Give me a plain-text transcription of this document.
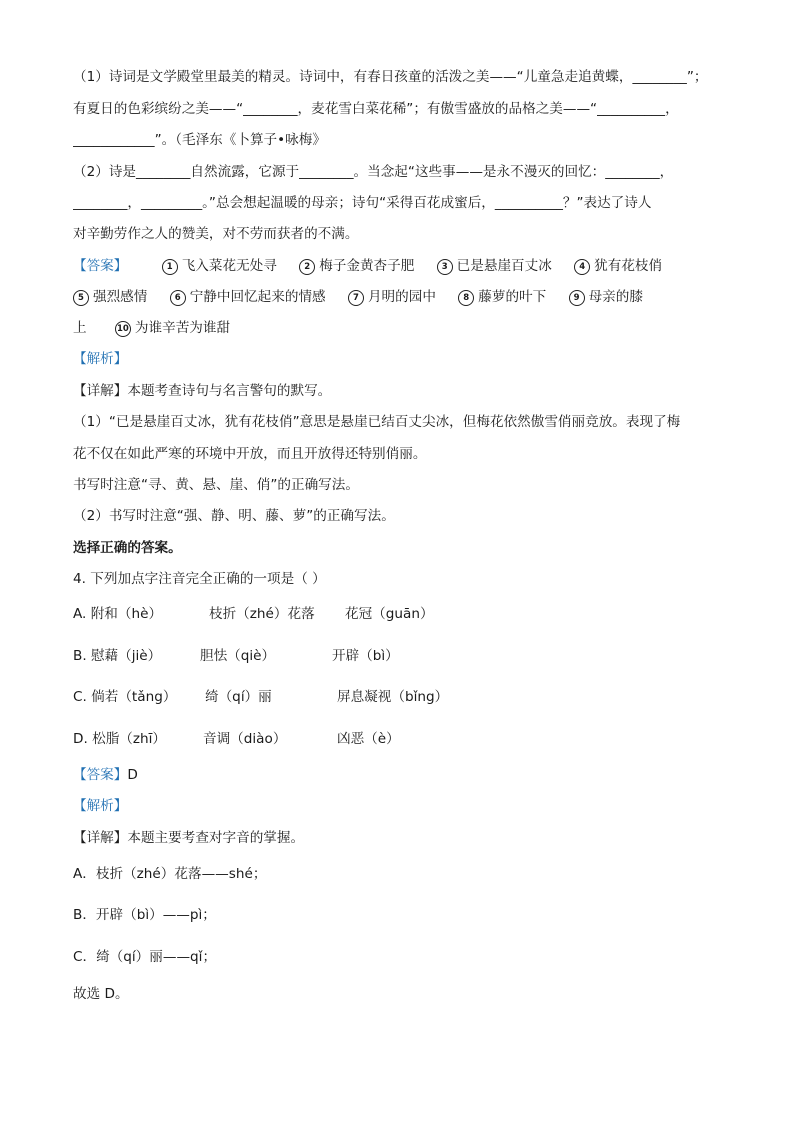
（1）诗词是文学殿堂里最美的精灵。诗词中，有春日孩童的活泼之美——“儿童急走追黄蝶，________”；
有夏日的色彩缤纷之美——“________，麦花雪白菜花稀”；有傲雪盛放的品格之美——“__________，
____________”。（毛泽东《卜算子•咏梅》
（2）诗是________自然流露，它源于________。当念起“这些事——是永不漫灭的回忆：________，
________，_________。”总会想起温暖的母亲；诗句“采得百花成蜜后，__________？”表达了诗人
对辛勤劳作之人的赞美，对不劳而获者的不满。
【答案】	1 飞入菜花无处寻	2 梅子金黄杏子肥	3 已是悬崖百丈冰	4 犹有花枝俏
5 强烈感情	6 宁静中回忆起来的情感	7 月明的园中	8 藤萝的叶下	9 母亲的膝
上	10 为谁辛苦为谁甜
【解析】
【详解】本题考查诗句与名言警句的默写。
（1）“已是悬崖百丈冰，犹有花枝俏”意思是悬崖已结百丈尖冰，但梅花依然傲雪俏丽竞放。表现了梅
花不仅在如此严寒的环境中开放，而且开放得还特别俏丽。
书写时注意“寻、黄、悬、崖、俏”的正确写法。
（2）书写时注意“强、静、明、藤、萝”的正确写法。
选择正确的答案。
4. 下列加点字注音完全正确的一项是（ ）
A. 附和（hè）	枝折（zhé）花落 花冠（guān）
B. 慰藉（jiè）	胆怯（qiè）	开辟（bì）
C. 倘若（tǎng） 绮（qí）丽	屏息凝视（bǐng）
D. 松脂（zhī）	音调（diào）	凶恶（è）
【答案】D
【解析】
【详解】本题主要考查对字音的掌握。
A．枝折（zhé）花落——shé；
B．开辟（bì）——pì；
C．绮（qí）丽——qǐ；
故选 D。
